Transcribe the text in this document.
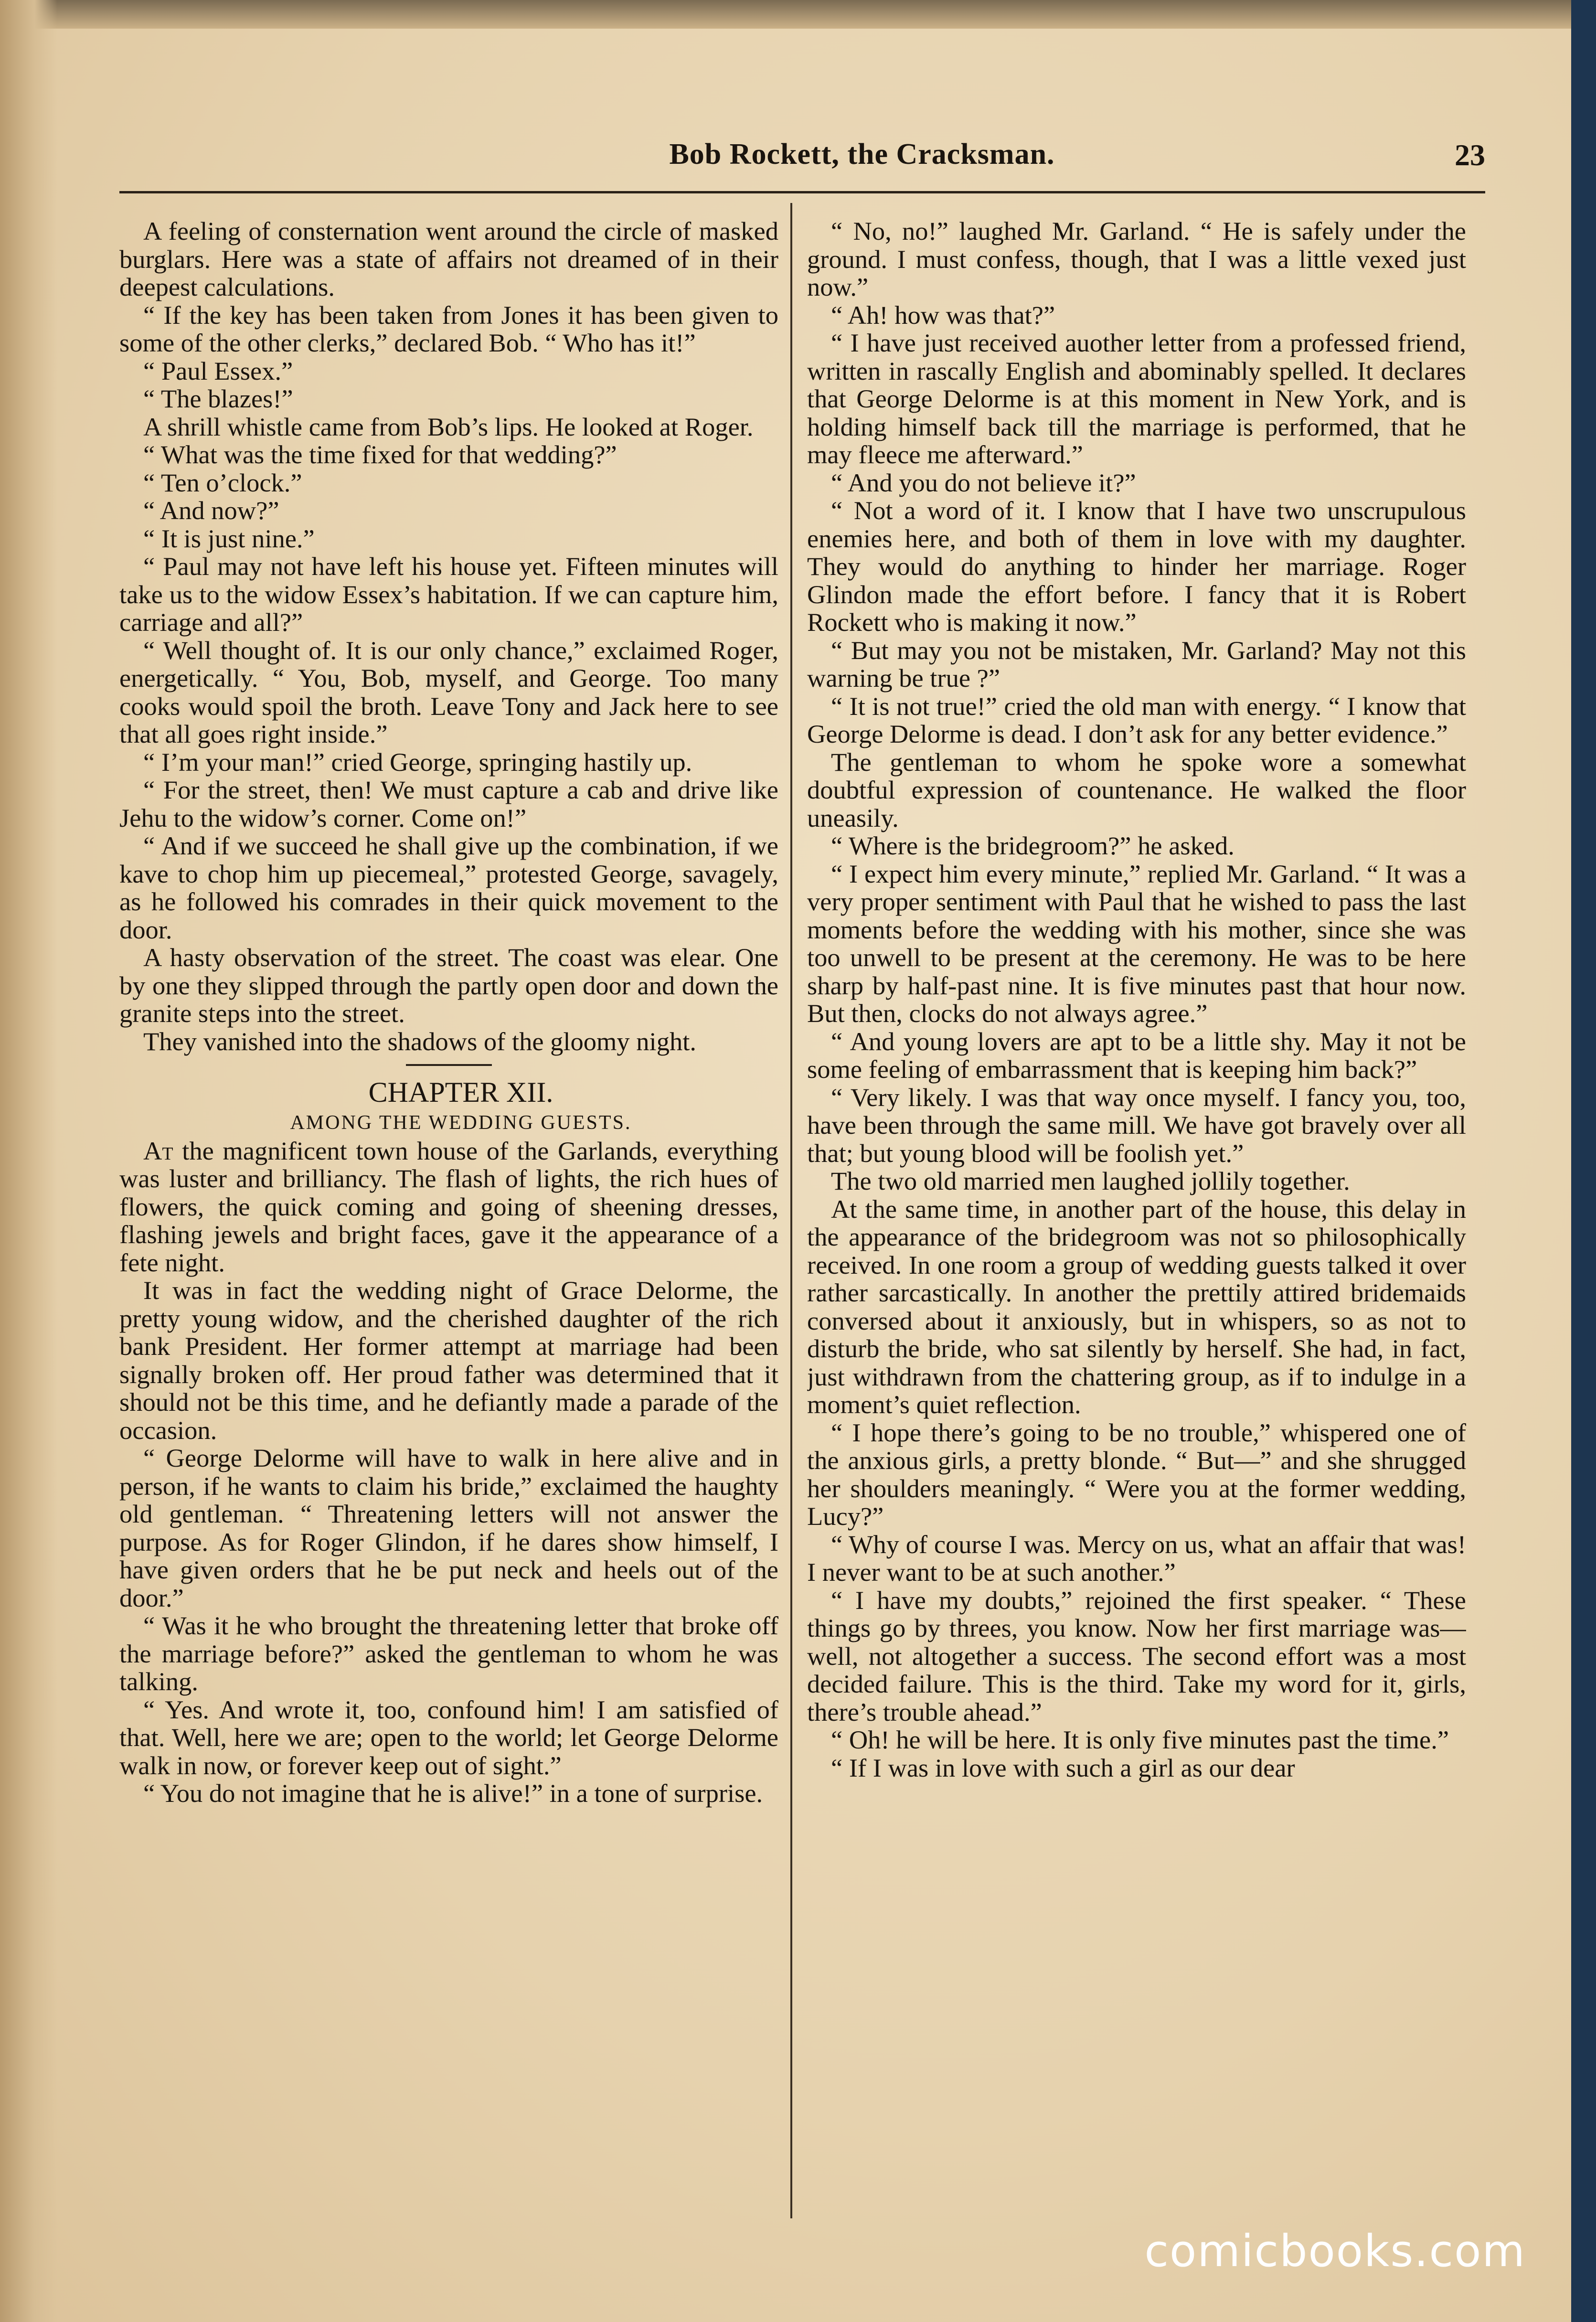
Bob Rockett, the Cracksman.	23

A feeling of consternation went around the circle of masked burglars. Here was a state of affairs not dreamed of in their deepest calculations.

“ If the key has been taken from Jones it has been given to some of the other clerks,” declared Bob. “ Who has it!”

“ Paul Essex.”

“ The blazes!”

A shrill whistle came from Bob’s lips. He looked at Roger.

“ What was the time fixed for that wedding?”

“ Ten o’clock.”

“ And now?”

“ It is just nine.”

“ Paul may not have left his house yet. Fifteen minutes will take us to the widow Essex’s habitation. If we can capture him, carriage and all?”

“ Well thought of. It is our only chance,” exclaimed Roger, energetically. “ You, Bob, myself, and George. Too many cooks would spoil the broth. Leave Tony and Jack here to see that all goes right inside.”

“ I’m your man!” cried George, springing hastily up.

“ For the street, then! We must capture a cab and drive like Jehu to the widow’s corner. Come on!”

“ And if we succeed he shall give up the combination, if we kave to chop him up piecemeal,” protested George, savagely, as he followed his comrades in their quick movement to the door.

A hasty observation of the street. The coast was elear. One by one they slipped through the partly open door and down the granite steps into the street.

They vanished into the shadows of the gloomy night.

CHAPTER XII.

AMONG THE WEDDING GUESTS.

At the magnificent town house of the Garlands, everything was luster and brilliancy. The flash of lights, the rich hues of flowers, the quick coming and going of sheening dresses, flashing jewels and bright faces, gave it the appearance of a fete night.

It was in fact the wedding night of Grace Delorme, the pretty young widow, and the cherished daughter of the rich bank President. Her former attempt at marriage had been signally broken off. Her proud father was determined that it should not be this time, and he defiantly made a parade of the occasion.

“ George Delorme will have to walk in here alive and in person, if he wants to claim his bride,” exclaimed the haughty old gentleman. “ Threatening letters will not answer the purpose. As for Roger Glindon, if he dares show himself, I have given orders that he be put neck and heels out of the door.”

“ Was it he who brought the threatening letter that broke off the marriage before?” asked the gentleman to whom he was talking.

“ Yes. And wrote it, too, confound him! I am satisfied of that. Well, here we are; open to the world; let George Delorme walk in now, or forever keep out of sight.”

“ You do not imagine that he is alive!” in a tone of surprise.

“ No, no!” laughed Mr. Garland. “ He is safely under the ground. I must confess, though, that I was a little vexed just now.”

“ Ah! how was that?”

“ I have just received auother letter from a professed friend, written in rascally English and abominably spelled. It declares that George Delorme is at this moment in New York, and is holding himself back till the marriage is performed, that he may fleece me afterward.”

“ And you do not believe it?”

“ Not a word of it. I know that I have two unscrupulous enemies here, and both of them in love with my daughter. They would do anything to hinder her marriage. Roger Glindon made the effort before. I fancy that it is Robert Rockett who is making it now.”

“ But may you not be mistaken, Mr. Garland? May not this warning be true ?”

“ It is not true!” cried the old man with energy. “ I know that George Delorme is dead. I don’t ask for any better evidence.”

The gentleman to whom he spoke wore a somewhat doubtful expression of countenance. He walked the floor uneasily.

“ Where is the bridegroom?” he asked.

“ I expect him every minute,” replied Mr. Garland. “ It was a very proper sentiment with Paul that he wished to pass the last moments before the wedding with his mother, since she was too unwell to be present at the ceremony. He was to be here sharp by half-past nine. It is five minutes past that hour now. But then, clocks do not always agree.”

“ And young lovers are apt to be a little shy. May it not be some feeling of embarrassment that is keeping him back?”

“ Very likely. I was that way once myself. I fancy you, too, have been through the same mill. We have got bravely over all that; but young blood will be foolish yet.”

The two old married men laughed jollily together.

At the same time, in another part of the house, this delay in the appearance of the bridegroom was not so philosophically received. In one room a group of wedding guests talked it over rather sarcastically. In another the prettily attired bridemaids conversed about it anxiously, but in whispers, so as not to disturb the bride, who sat silently by herself. She had, in fact, just withdrawn from the chattering group, as if to indulge in a moment’s quiet reflection.

“ I hope there’s going to be no trouble,” whispered one of the anxious girls, a pretty blonde. “ But—” and she shrugged her shoulders meaningly. “ Were you at the former wedding, Lucy?”

“ Why of course I was. Mercy on us, what an affair that was! I never want to be at such another.”

“ I have my doubts,” rejoined the first speaker. “ These things go by threes, you know. Now her first marriage was—well, not altogether a success. The second effort was a most decided failure. This is the third. Take my word for it, girls, there’s trouble ahead.”

“ Oh! he will be here. It is only five minutes past the time.”

“ If I was in love with such a girl as our dear

comicbooks.com
